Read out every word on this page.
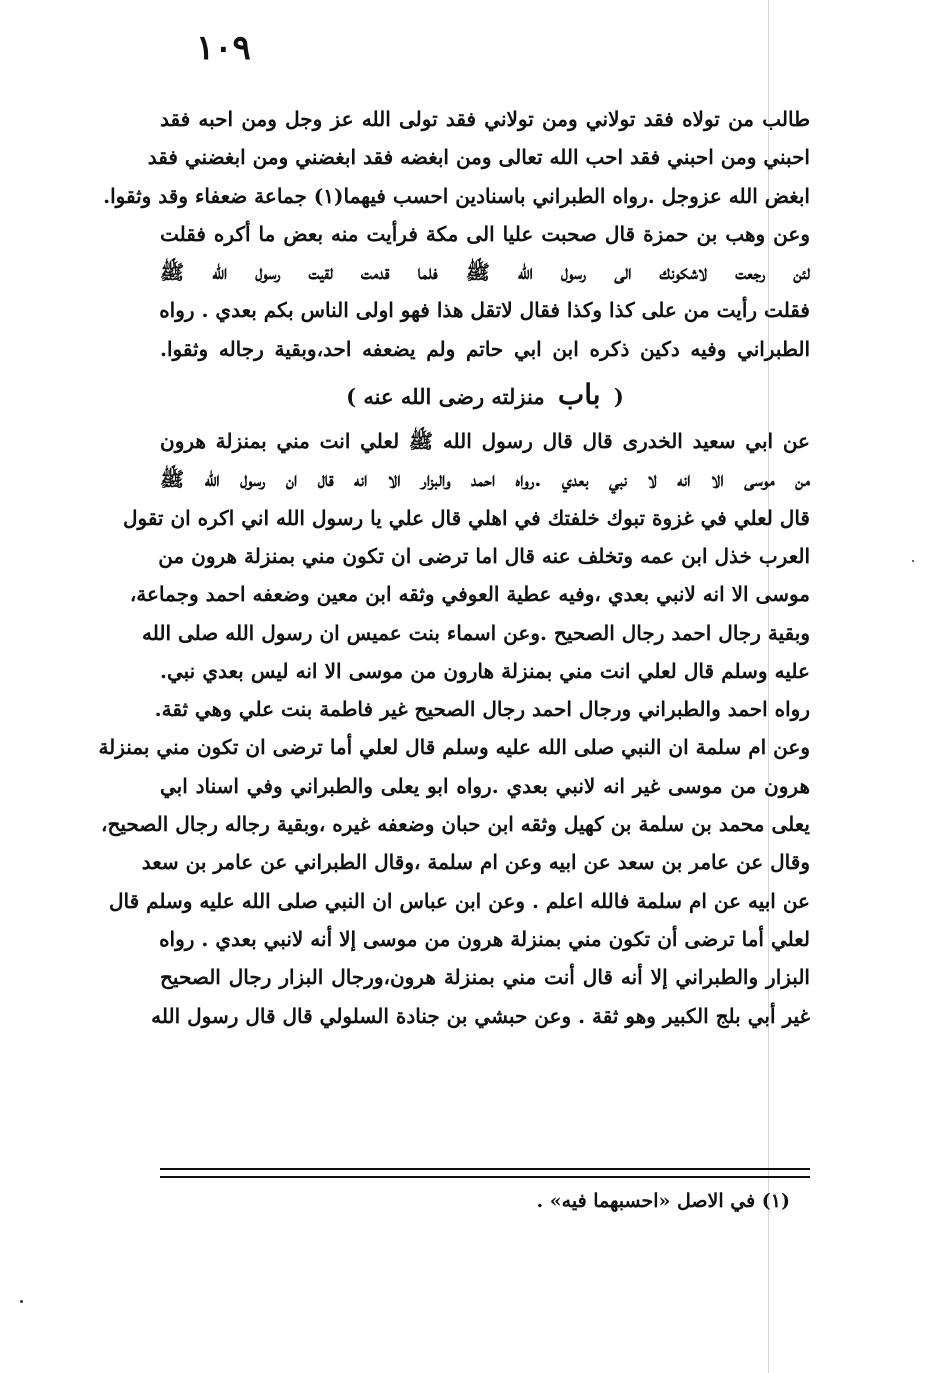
١٠٩
طالب من تولاه فقد تولاني ومن تولاني فقد تولى الله عز وجل ومن احبه فقد
احبني ومن احبني فقد احب الله تعالى ومن ابغضه فقد ابغضني ومن ابغضني فقد
ابغض الله عزوجل .رواه الطبراني باسنادين احسب فيهما(١) جماعة ضعفاء وقد وثقوا.
وعن وهب بن حمزة قال صحبت عليا الى مكة فرأيت منه بعض ما أكره فقلت
لئن رجعت لاشكونك الى رسول الله ﷺ فلما قدمت لقيت رسول الله ﷺ
فقلت رأيت من على كذا وكذا فقال لاتقل هذا فهو اولى الناس بكم بعدي . رواه
الطبراني وفيه دكين ذكره ابن ابي حاتم ولم يضعفه احد،وبقية رجاله وثقوا.
( باب منزلته رضى الله عنه )
عن ابي سعيد الخدرى قال قال رسول الله ﷺ لعلي انت مني بمنزلة هرون
من موسى الا انه لا نبي بعدي .رواه احمد والبزار الا انه قال ان رسول الله ﷺ
قال لعلي في غزوة تبوك خلفتك في اهلي قال علي يا رسول الله اني اكره ان تقول
العرب خذل ابن عمه وتخلف عنه قال اما ترضى ان تكون مني بمنزلة هرون من
موسى الا انه لانبي بعدي ،وفيه عطية العوفي وثقه ابن معين وضعفه احمد وجماعة،
وبقية رجال احمد رجال الصحيح .وعن اسماء بنت عميس ان رسول الله صلى الله
عليه وسلم قال لعلي انت مني بمنزلة هارون من موسى الا انه ليس بعدي نبي.
رواه احمد والطبراني ورجال احمد رجال الصحيح غير فاطمة بنت علي وهي ثقة.
وعن ام سلمة ان النبي صلى الله عليه وسلم قال لعلي أما ترضى ان تكون مني بمنزلة
هرون من موسى غير انه لانبي بعدي .رواه ابو يعلى والطبراني وفي اسناد ابي
يعلى محمد بن سلمة بن كهيل وثقه ابن حبان وضعفه غيره ،وبقية رجاله رجال الصحيح،
وقال عن عامر بن سعد عن ابيه وعن ام سلمة ،وقال الطبراني عن عامر بن سعد
عن ابيه عن ام سلمة فالله اعلم . وعن ابن عباس ان النبي صلى الله عليه وسلم قال
لعلي أما ترضى أن تكون مني بمنزلة هرون من موسى إلا أنه لانبي بعدي . رواه
البزار والطبراني إلا أنه قال أنت مني بمنزلة هرون،ورجال البزار رجال الصحيح
غير أبي بلج الكبير وهو ثقة . وعن حبشي بن جنادة السلولي قال قال رسول الله
(١) في الاصل «احسبهما فيه» .
